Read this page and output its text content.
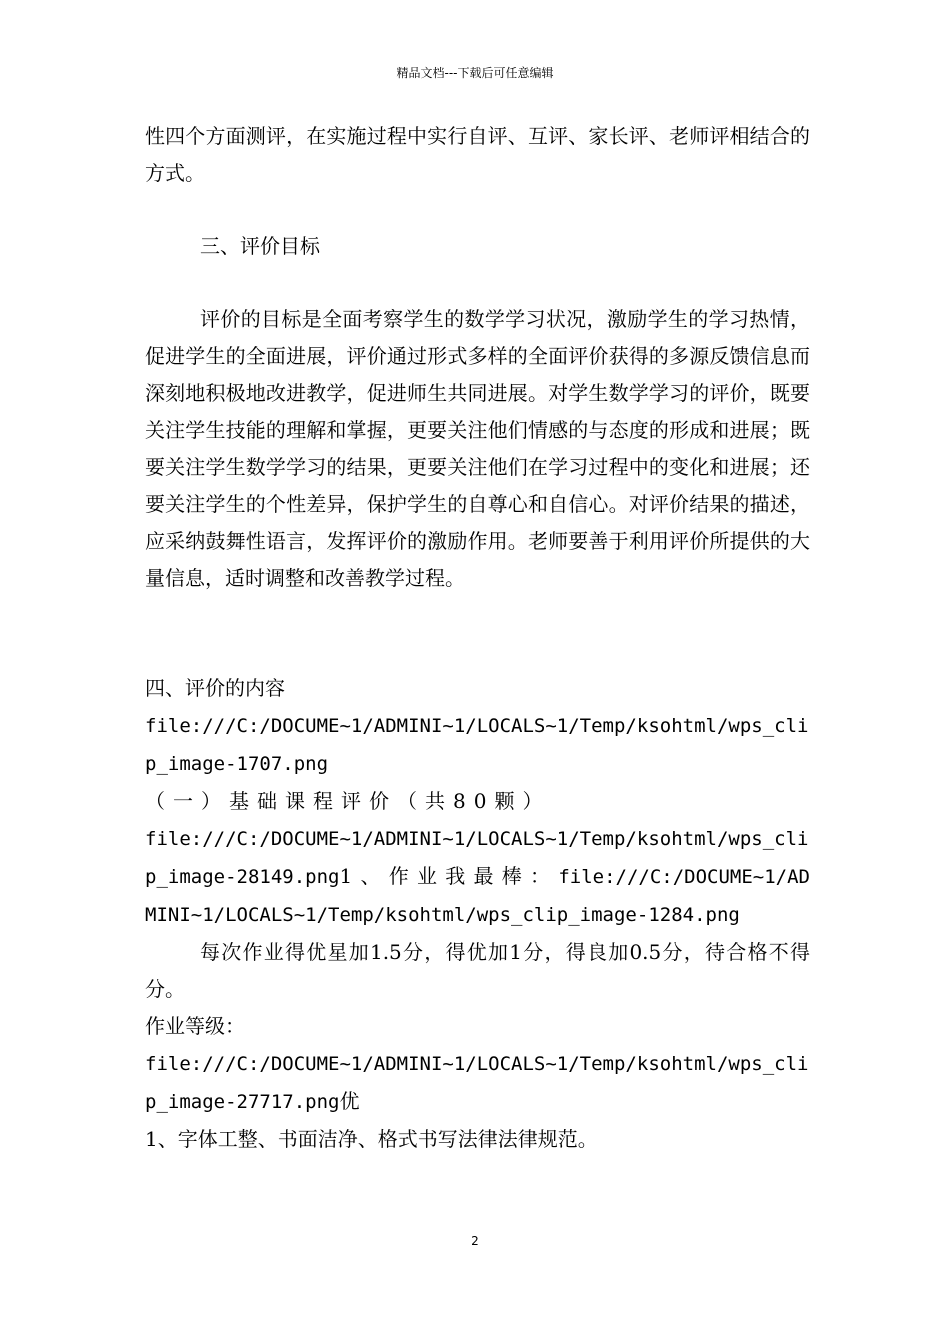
精品文档---下载后可任意编辑

性四个方面测评，在实施过程中实行自评、互评、家长评、老师评相结合的方式。

三、评价目标

评价的目标是全面考察学生的数学学习状况，激励学生的学习热情，促进学生的全面进展，评价通过形式多样的全面评价获得的多源反馈信息而深刻地积极地改进教学，促进师生共同进展。对学生数学学习的评价，既要关注学生技能的理解和掌握，更要关注他们情感的与态度的形成和进展；既要关注学生数学学习的结果，更要关注他们在学习过程中的变化和进展；还要关注学生的个性差异，保护学生的自尊心和自信心。对评价结果的描述，应采纳鼓舞性语言，发挥评价的激励作用。老师要善于利用评价所提供的大量信息，适时调整和改善教学过程。

四、评价的内容

file:///C:/DOCUME~1/ADMINI~1/LOCALS~1/Temp/ksohtml/wps_clip_image-1707.png（一）基础课程评价（共80颗）

file:///C:/DOCUME~1/ADMINI~1/LOCALS~1/Temp/ksohtml/wps_clip_image-28149.png1、作业我最棒：file:///C:/DOCUME~1/ADMINI~1/LOCALS~1/Temp/ksohtml/wps_clip_image-1284.png

每次作业得优星加1.5分，得优加1分，得良加0.5分，待合格不得分。

作业等级：

file:///C:/DOCUME~1/ADMINI~1/LOCALS~1/Temp/ksohtml/wps_clip_image-27717.png优

1、字体工整、书面洁净、格式书写法律法律规范。

2
